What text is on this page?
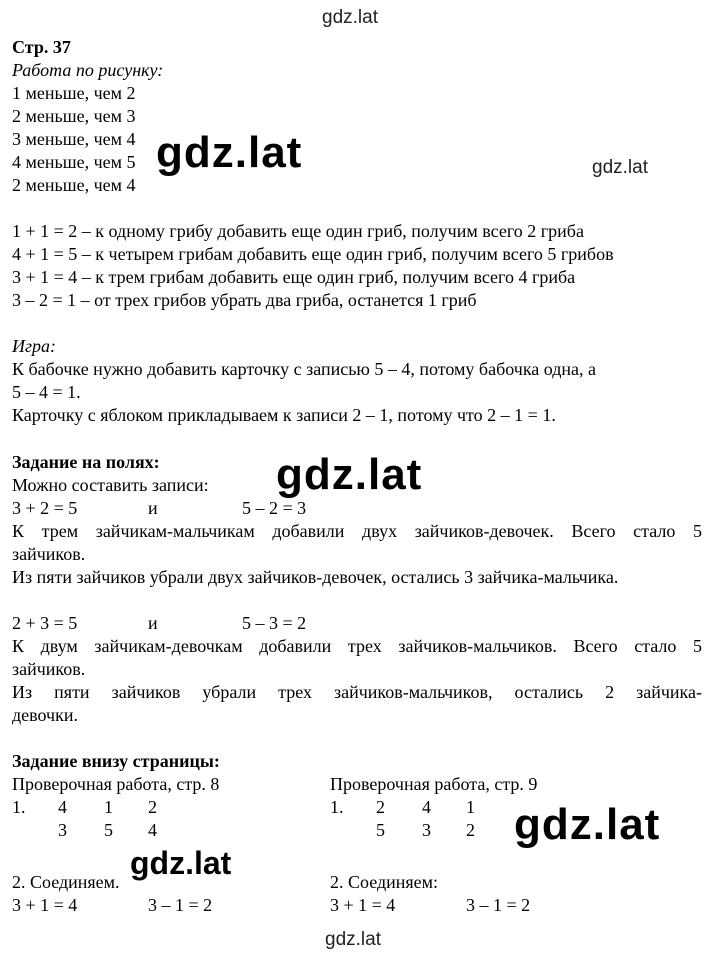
gdz.lat
gdz.lat
gdz.lat
Стр. 37
Работа по рисунку:
1 меньше, чем 2
2 меньше, чем 3
3 меньше, чем 4
4 меньше, чем 5
2 меньше, чем 4
1 + 1 = 2 – к одному грибу добавить еще один гриб, получим всего 2 гриба
4 + 1 = 5 – к четырем грибам добавить еще один гриб, получим всего 5 грибов
3 + 1 = 4 – к трем грибам добавить еще один гриб, получим всего 4 гриба
3 – 2 = 1 – от трех грибов убрать два гриба, останется 1 гриб
Игра:
К бабочке нужно добавить карточку с записью 5 – 4, потому бабочка одна, а
5 – 4 = 1.
Карточку с яблоком прикладываем к записи 2 – 1, потому что 2 – 1 = 1.
Задание на полях:
Можно составить записи:
3 + 2 = 5	и	5 – 2 = 3
К трем зайчикам-мальчикам добавили двух зайчиков-девочек. Всего стало 5
зайчиков.
Из пяти зайчиков убрали двух зайчиков-девочек, остались 3 зайчика-мальчика.
2 + 3 = 5	и	5 – 3 = 2
К двум зайчикам-девочкам добавили трех зайчиков-мальчиков. Всего стало 5
зайчиков.
Из пяти зайчиков убрали трех зайчиков-мальчиков, остались 2 зайчика-
девочки.
Задание внизу страницы:
Проверочная работа, стр. 8
1. 4 1 2
3 5 4
2. Соединяем.
3 + 1 = 4	3 – 1 = 2
Проверочная работа, стр. 9
1. 2 4 1
5 3 2
2. Соединяем:
3 + 1 = 4	3 – 1 = 2
gdz.lat
gdz.lat
gdz.lat
gdz.lat
